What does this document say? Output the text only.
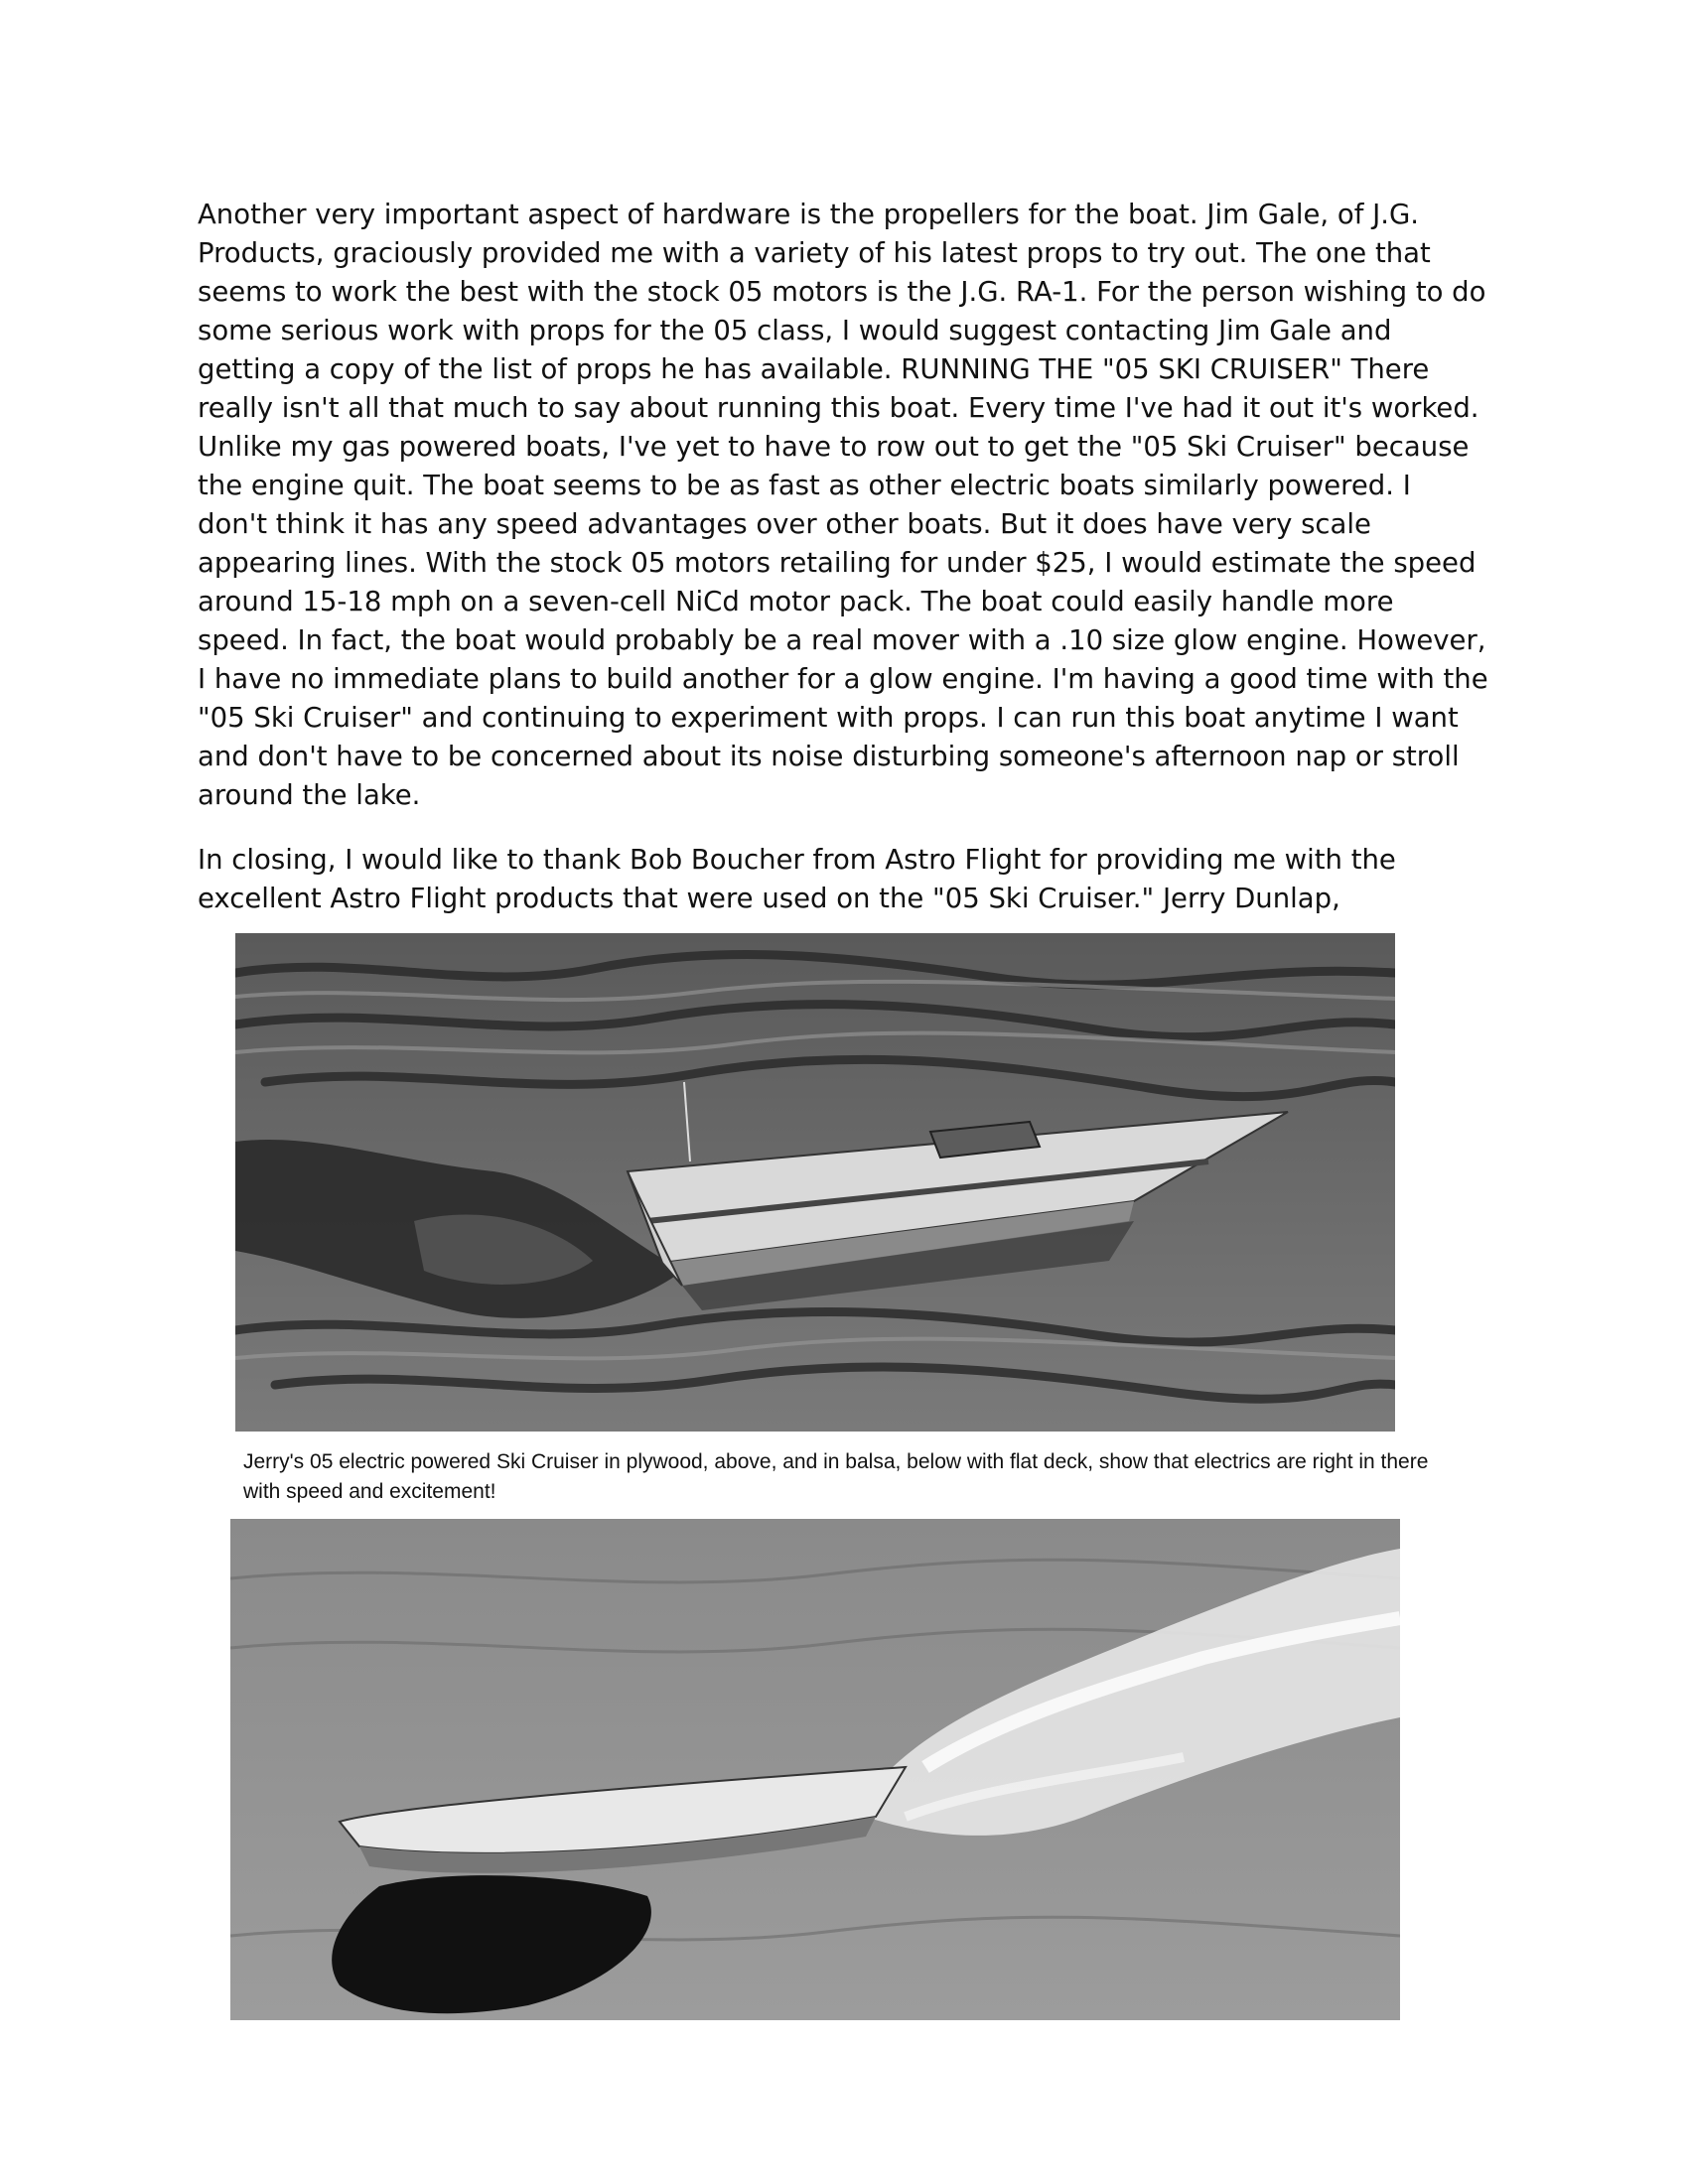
Another very important aspect of hardware is the propellers for the boat. Jim Gale, of J.G. Products, graciously provided me with a variety of his latest props to try out. The one that seems to work the best with the stock 05 motors is the J.G. RA-1. For the person wishing to do some serious work with props for the 05 class, I would suggest contacting Jim Gale and getting a copy of the list of props he has available. RUNNING THE "05 SKI CRUISER" There really isn't all that much to say about running this boat. Every time I've had it out it's worked. Unlike my gas powered boats, I've yet to have to row out to get the "05 Ski Cruiser" because the engine quit. The boat seems to be as fast as other electric boats similarly powered. I don't think it has any speed advantages over other boats. But it does have very scale appearing lines. With the stock 05 motors retailing for under $25, I would estimate the speed around 15-18 mph on a seven-cell NiCd motor pack. The boat could easily handle more speed. In fact, the boat would probably be a real mover with a .10 size glow engine. However, I have no immediate plans to build another for a glow engine. I'm having a good time with the "05 Ski Cruiser" and continuing to experiment with props. I can run this boat anytime I want and don't have to be concerned about its noise disturbing someone's afternoon nap or stroll around the lake.

In closing, I would like to thank Bob Boucher from Astro Flight for providing me with the excellent Astro Flight products that were used on the "05 Ski Cruiser." Jerry Dunlap,

Jerry's 05 electric powered Ski Cruiser in plywood, above, and in balsa, below with flat deck, show that electrics are right in there with speed and excitement!
